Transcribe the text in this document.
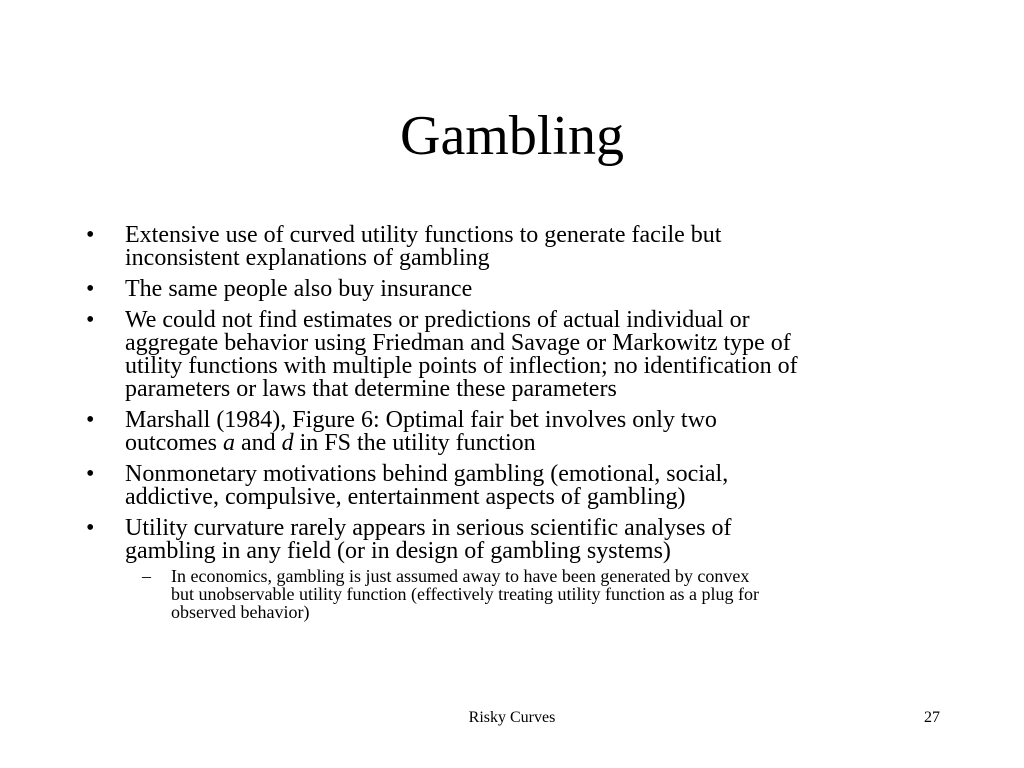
Gambling
• Extensive use of curved utility functions to generate facile but
inconsistent explanations of gambling
• The same people also buy insurance
• We could not find estimates or predictions of actual individual or
aggregate behavior using Friedman and Savage or Markowitz type of
utility functions with multiple points of inflection; no identification of
parameters or laws that determine these parameters
• Marshall (1984), Figure 6: Optimal fair bet involves only two
outcomes a and d in FS the utility function
• Nonmonetary motivations behind gambling (emotional, social,
addictive, compulsive, entertainment aspects of gambling)
• Utility curvature rarely appears in serious scientific analyses of
gambling in any field (or in design of gambling systems)
– In economics, gambling is just assumed away to have been generated by convex
but unobservable utility function (effectively treating utility function as a plug for
observed behavior)
Risky Curves	27
